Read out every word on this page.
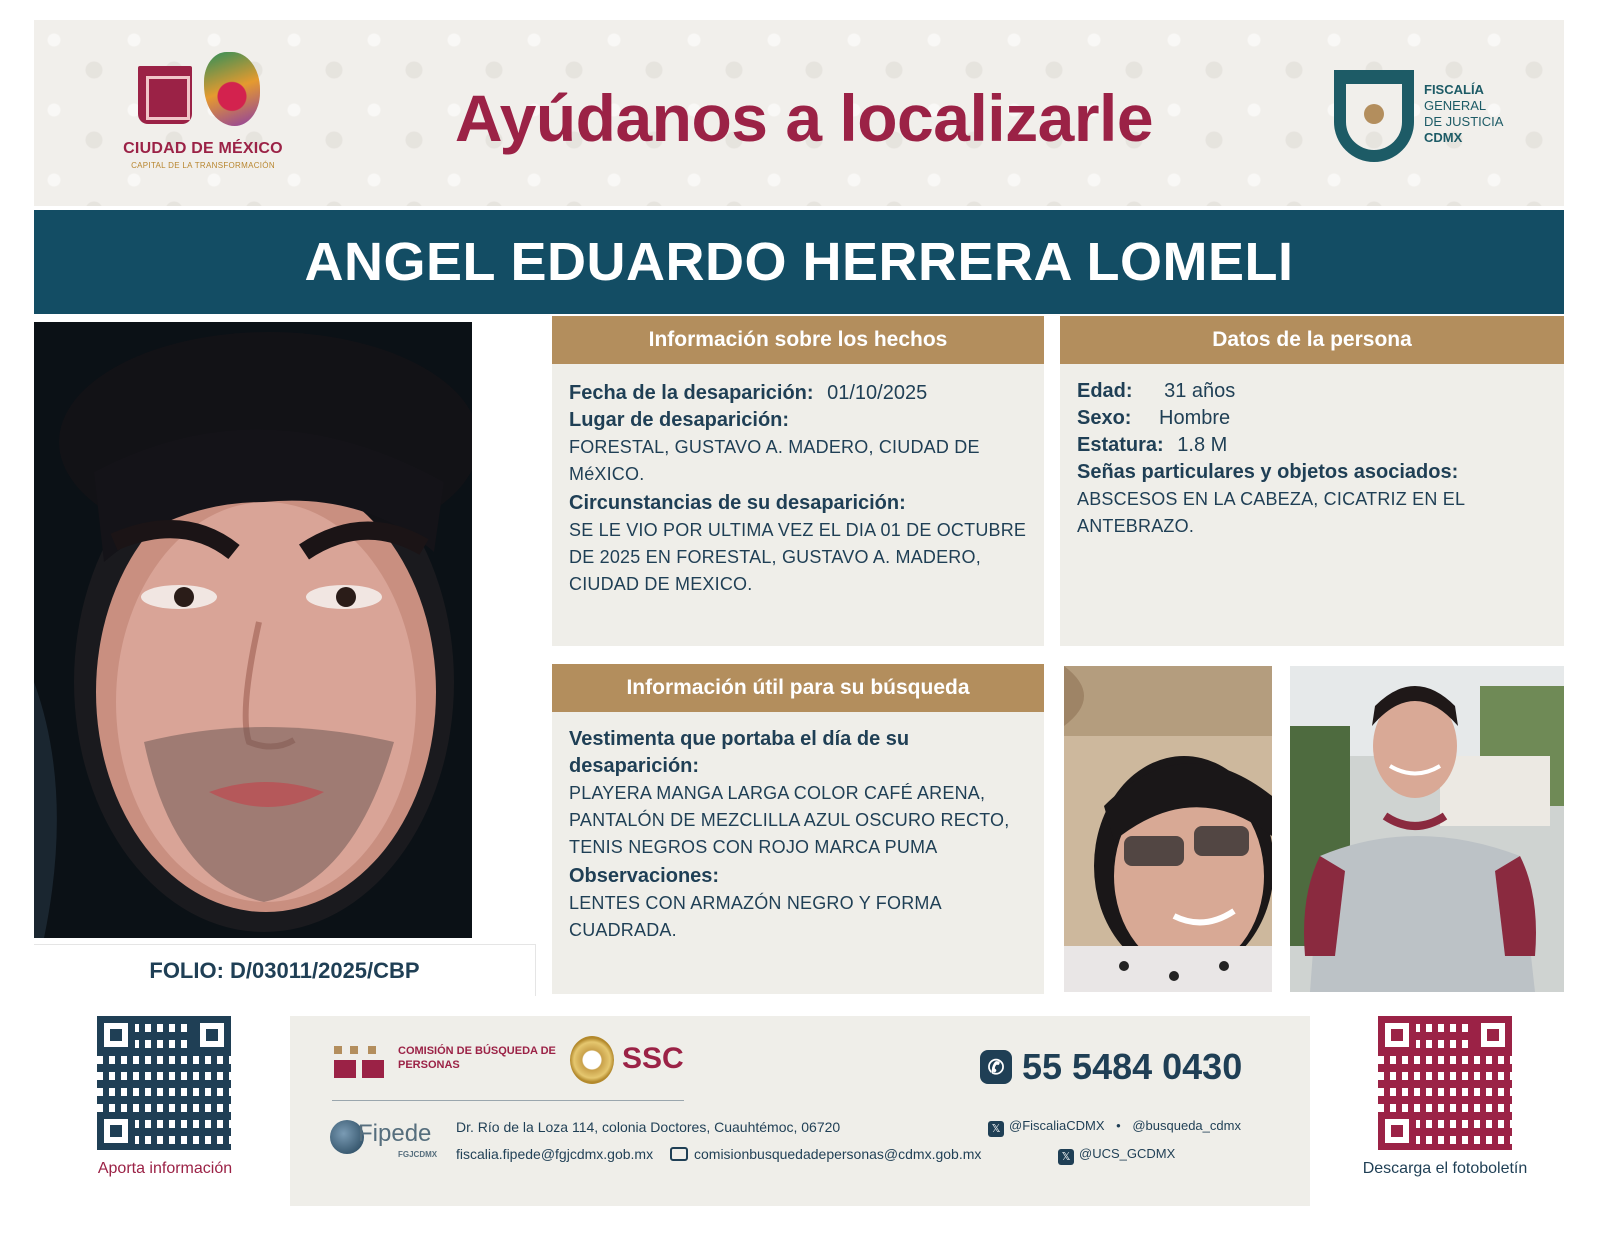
CIUDAD DE MÉXICO
CAPITAL DE LA TRANSFORMACIÓN
Ayúdanos a localizarle	FISCALÍA
GENERAL
DE JUSTICIA
CDMX
ANGEL EDUARDO HERRERA LOMELI
FOLIO: D/03011/2025/CBP
Información sobre los hechos
Fecha de la desaparición: 01/10/2025
Lugar de desaparición:
FORESTAL, GUSTAVO A. MADERO, CIUDAD DE MéXICO.
Circunstancias de su desaparición:
SE LE VIO POR ULTIMA VEZ EL DIA 01 DE OCTUBRE DE 2025 EN FORESTAL, GUSTAVO A. MADERO, CIUDAD DE MEXICO.
Datos de la persona
Edad: 31 años
Sexo: Hombre
Estatura: 1.8 M
Señas particulares y objetos asociados:
ABSCESOS EN LA CABEZA, CICATRIZ EN EL ANTEBRAZO.
Información útil para su búsqueda
Vestimenta que portaba el día de su desaparición:
PLAYERA MANGA LARGA COLOR CAFÉ ARENA, PANTALÓN DE MEZCLILLA AZUL OSCURO RECTO, TENIS NEGROS CON ROJO MARCA PUMA
Observaciones:
LENTES CON ARMAZÓN NEGRO Y FORMA CUADRADA.
Aporta información	Descarga el fotoboletín
COMISIÓN DE BÚSQUEDA DE PERSONAS	SSC	✆ 55 5484 0430
Fipede
FGJCDMX
Dr. Río de la Loza 114, colonia Doctores, Cuauhtémoc, 06720
fiscalia.fipede@fgjcdmx.gob.mx	comisionbusquedadepersonas@cdmx.gob.mx
𝕏 @FiscaliaCDMX • @busqueda_cdmx
𝕏 @UCS_GCDMX
